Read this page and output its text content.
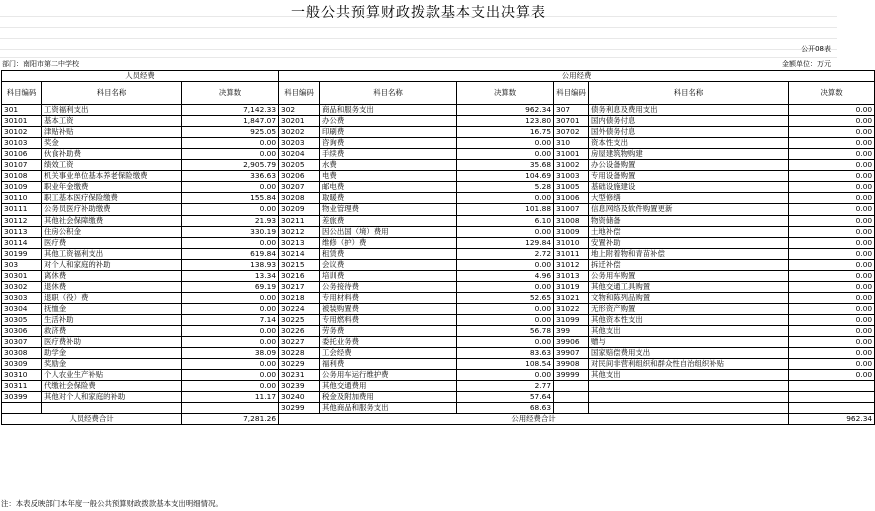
一般公共预算财政拨款基本支出决算表
公开08表
部门：南阳市第二中学校	金额单位：万元
人员经费			公用经费					
科目编码	科目名称	决算数	科目编码	科目名称	决算数	科目编码	科目名称	决算数
301	工资福利支出	7,142.33	302	商品和服务支出	962.34	307	债务利息及费用支出	0.00
30101	基本工资	1,847.07	30201	办公费	123.80	30701	国内债务付息	0.00
30102	津贴补贴	925.05	30202	印刷费	16.75	30702	国外债务付息	0.00
30103	奖金	0.00	30203	咨询费	0.00	310	资本性支出	0.00
30106	伙食补助费	0.00	30204	手续费	0.00	31001	房屋建筑物购建	0.00
30107	绩效工资	2,905.79	30205	水费	35.68	31002	办公设备购置	0.00
30108	机关事业单位基本养老保险缴费	336.63	30206	电费	104.69	31003	专用设备购置	0.00
30109	职业年金缴费	0.00	30207	邮电费	5.28	31005	基础设施建设	0.00
30110	职工基本医疗保险缴费	155.84	30208	取暖费	0.00	31006	大型修缮	0.00
30111	公务员医疗补助缴费	0.00	30209	物业管理费	101.88	31007	信息网络及软件购置更新	0.00
30112	其他社会保障缴费	21.93	30211	差旅费	6.10	31008	物资储备	0.00
30113	住房公积金	330.19	30212	因公出国（境）费用	0.00	31009	土地补偿	0.00
30114	医疗费	0.00	30213	维修（护）费	129.84	31010	安置补助	0.00
30199	其他工资福利支出	619.84	30214	租赁费	2.72	31011	地上附着物和青苗补偿	0.00
303	对个人和家庭的补助	138.93	30215	会议费	0.00	31012	拆迁补偿	0.00
30301	离休费	13.34	30216	培训费	4.96	31013	公务用车购置	0.00
30302	退休费	69.19	30217	公务接待费	0.00	31019	其他交通工具购置	0.00
30303	退职（役）费	0.00	30218	专用材料费	52.65	31021	文物和陈列品购置	0.00
30304	抚恤金	0.00	30224	被装购置费	0.00	31022	无形资产购置	0.00
30305	生活补助	7.14	30225	专用燃料费	0.00	31099	其他资本性支出	0.00
30306	救济费	0.00	30226	劳务费	56.78	399	其他支出	0.00
30307	医疗费补助	0.00	30227	委托业务费	0.00	39906	赠与	0.00
30308	助学金	38.09	30228	工会经费	83.63	39907	国家赔偿费用支出	0.00
30309	奖励金	0.00	30229	福利费	108.54	39908	对民间非营利组织和群众性自治组织补贴	0.00
30310	个人农业生产补贴	0.00	30231	公务用车运行维护费	0.00	39999	其他支出	0.00
30311	代缴社会保险费	0.00	30239	其他交通费用	2.77			
30399	其他对个人和家庭的补助	11.17	30240	税金及附加费用	57.64			
			30299	其他商品和服务支出	68.63			
人员经费合计		7,281.26	公用经费合计					962.34
注：本表反映部门本年度一般公共预算财政拨款基本支出明细情况。
